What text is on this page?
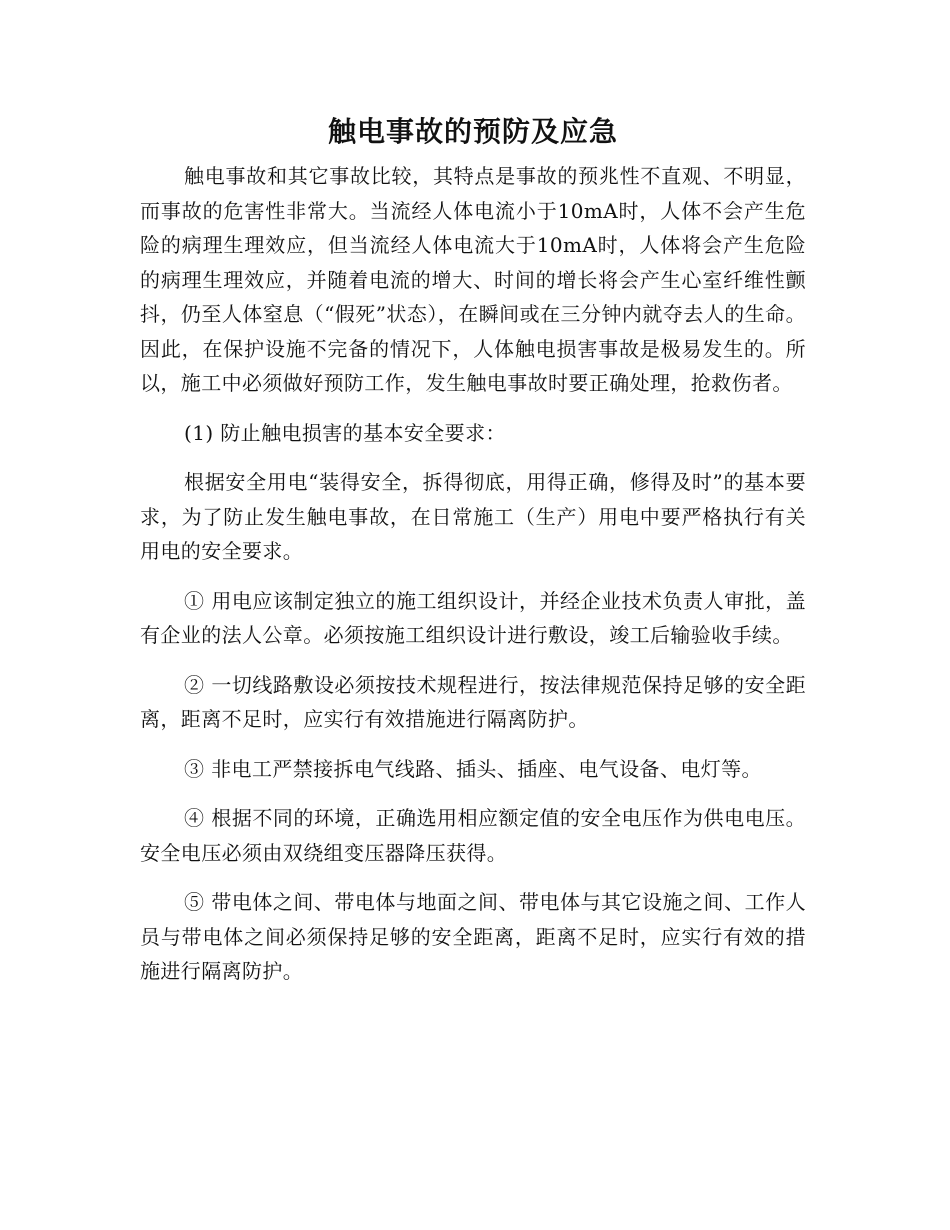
触电事故的预防及应急

触电事故和其它事故比较，其特点是事故的预兆性不直观、不明显，而事故的危害性非常大。当流经人体电流小于10mA时，人体不会产生危险的病理生理效应，但当流经人体电流大于10mA时，人体将会产生危险的病理生理效应，并随着电流的增大、时间的增长将会产生心室纤维性颤抖，仍至人体窒息（“假死”状态），在瞬间或在三分钟内就夺去人的生命。因此，在保护设施不完备的情况下，人体触电损害事故是极易发生的。所以，施工中必须做好预防工作，发生触电事故时要正确处理，抢救伤者。

(1) 防止触电损害的基本安全要求：

根据安全用电“装得安全，拆得彻底，用得正确，修得及时”的基本要求，为了防止发生触电事故，在日常施工（生产）用电中要严格执行有关用电的安全要求。

① 用电应该制定独立的施工组织设计，并经企业技术负责人审批，盖有企业的法人公章。必须按施工组织设计进行敷设，竣工后输验收手续。

② 一切线路敷设必须按技术规程进行，按法律规范保持足够的安全距离，距离不足时，应实行有效措施进行隔离防护。

③ 非电工严禁接拆电气线路、插头、插座、电气设备、电灯等。

④ 根据不同的环境，正确选用相应额定值的安全电压作为供电电压。安全电压必须由双绕组变压器降压获得。

⑤ 带电体之间、带电体与地面之间、带电体与其它设施之间、工作人员与带电体之间必须保持足够的安全距离，距离不足时，应实行有效的措施进行隔离防护。
